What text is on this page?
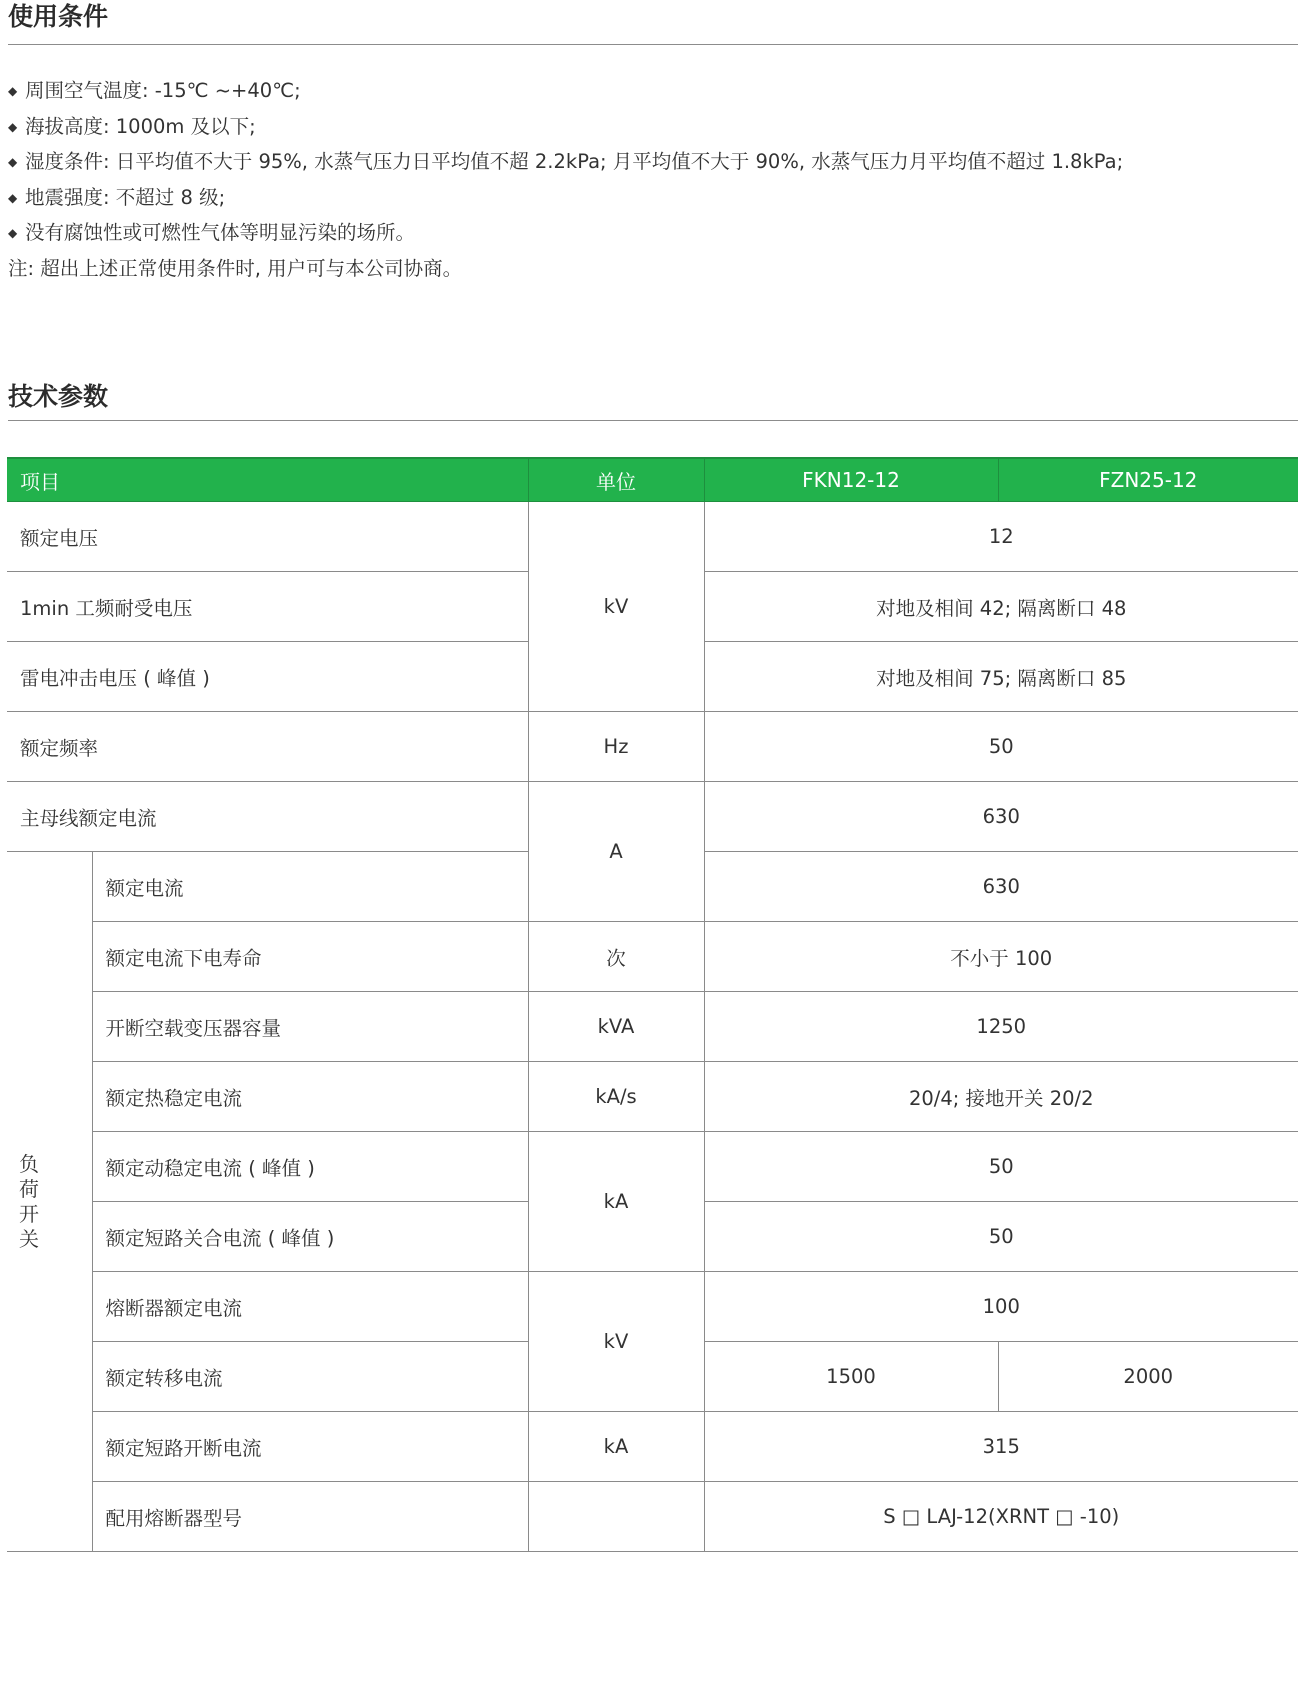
使用条件
◆ 周围空气温度: -15℃ ~+40℃;
◆ 海拔高度: 1000m 及以下;
◆ 湿度条件: 日平均值不大于 95%, 水蒸气压力日平均值不超 2.2kPa; 月平均值不大于 90%, 水蒸气压力月平均值不超过 1.8kPa;
◆ 地震强度: 不超过 8 级;
◆ 没有腐蚀性或可燃性气体等明显污染的场所。
注: 超出上述正常使用条件时, 用户可与本公司协商。
技术参数
项目		单位	FKN12-12	FZN25-12
额定电压		kV	12	
1min 工频耐受电压			对地及相间 42; 隔离断口 48	
雷电冲击电压 ( 峰值 )			对地及相间 75; 隔离断口 85	
额定频率		Hz	50	
主母线额定电流		A	630	

负
荷
开
关	额定电流		630	
	额定电流下电寿命	次	不小于 100	
	开断空载变压器容量	kVA	1250	
	额定热稳定电流	kA/s	20/4; 接地开关 20/2	
	额定动稳定电流 ( 峰值 )	kA	50	
	额定短路关合电流 ( 峰值 )		50	
	熔断器额定电流	kV	100	
	额定转移电流		1500	2000
	额定短路开断电流	kA	315	
	配用熔断器型号		S □ LAJ-12(XRNT □ -10)	
